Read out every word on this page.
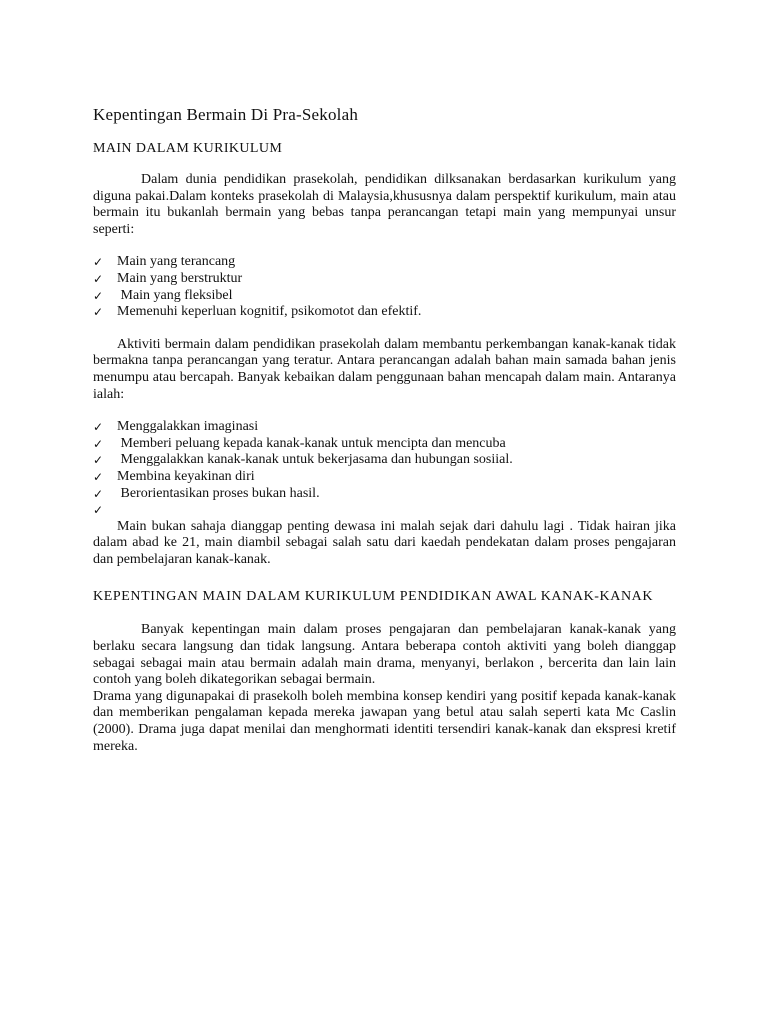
Kepentingan Bermain Di Pra-Sekolah
MAIN DALAM KURIKULUM

Dalam dunia pendidikan prasekolah, pendidikan dilksanakan berdasarkan kurikulum yang diguna pakai.Dalam konteks prasekolah di Malaysia,khususnya dalam perspektif kurikulum, main atau bermain itu bukanlah bermain yang bebas tanpa perancangan tetapi main yang mempunyai unsur seperti:

✓ Main yang terancang
✓ Main yang berstruktur
✓ Main yang fleksibel
✓ Memenuhi keperluan kognitif, psikomotot dan efektif.

Aktiviti bermain dalam pendidikan prasekolah dalam membantu perkembangan kanak-kanak tidak bermakna tanpa perancangan yang teratur. Antara perancangan adalah bahan main samada bahan jenis menumpu atau bercapah. Banyak kebaikan dalam penggunaan bahan mencapah dalam main. Antaranya ialah:

✓ Menggalakkan imaginasi
✓ Memberi peluang kepada kanak-kanak untuk mencipta dan mencuba
✓ Menggalakkan kanak-kanak untuk bekerjasama dan hubungan sosiial.
✓ Membina keyakinan diri
✓ Berorientasikan proses bukan hasil.
✓

Main bukan sahaja dianggap penting dewasa ini malah sejak dari dahulu lagi . Tidak hairan jika dalam abad ke 21, main diambil sebagai salah satu dari kaedah pendekatan dalam proses pengajaran dan pembelajaran kanak-kanak.

KEPENTINGAN MAIN DALAM KURIKULUM PENDIDIKAN AWAL KANAK-KANAK

Banyak kepentingan main dalam proses pengajaran dan pembelajaran kanak-kanak yang berlaku secara langsung dan tidak langsung. Antara beberapa contoh aktiviti yang boleh dianggap sebagai sebagai main atau bermain adalah main drama, menyanyi, berlakon , bercerita dan lain lain contoh yang boleh dikategorikan sebagai bermain.

Drama yang digunapakai di prasekolh boleh membina konsep kendiri yang positif kepada kanak-kanak dan memberikan pengalaman kepada mereka jawapan yang betul atau salah seperti kata Mc Caslin (2000). Drama juga dapat menilai dan menghormati identiti tersendiri kanak-kanak dan ekspresi kretif mereka.
